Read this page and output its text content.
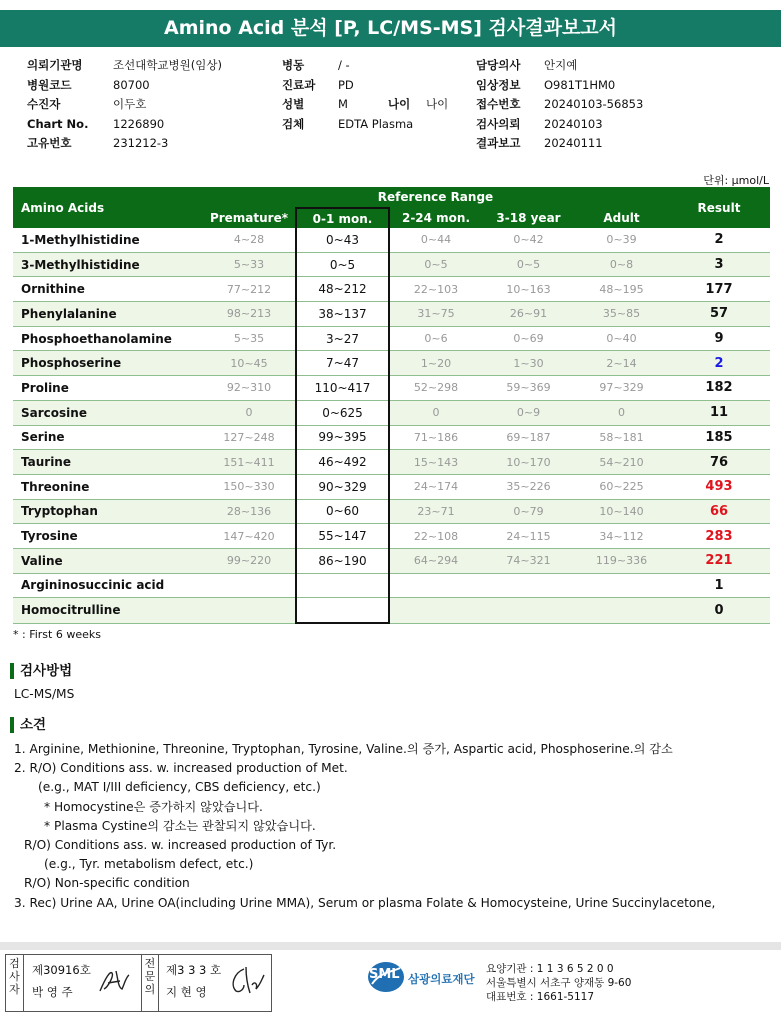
Amino Acid 분석 [P, LC/MS-MS] 검사결과보고서
의뢰기관명	조선대학교병원(임상)
병원코드	80700
수진자	이두호
Chart No.	1226890
고유번호	231212-3
병동	/ -
진료과	PD
성별	M
검체	EDTA Plasma
담당의사	안지예
임상정보	O981T1HM0
접수번호	20240103-56853
검사의뢰	20240103
결과보고	20240111
나이	나이
단위: μmol/L
Amino Acids	Reference Range					Result
	Premature*	0-1 mon.	2-24 mon.	3-18 year	Adult	
1-Methylhistidine	4~28	0~43	0~44	0~42	0~39	2
3-Methylhistidine	5~33	0~5	0~5	0~5	0~8	3
Ornithine	77~212	48~212	22~103	10~163	48~195	177
Phenylalanine	98~213	38~137	31~75	26~91	35~85	57
Phosphoethanolamine	5~35	3~27	0~6	0~69	0~40	9
Phosphoserine	10~45	7~47	1~20	1~30	2~14	2
Proline	92~310	110~417	52~298	59~369	97~329	182
Sarcosine	0	0~625	0	0~9	0	11
Serine	127~248	99~395	71~186	69~187	58~181	185
Taurine	151~411	46~492	15~143	10~170	54~210	76
Threonine	150~330	90~329	24~174	35~226	60~225	493
Tryptophan	28~136	0~60	23~71	0~79	10~140	66
Tyrosine	147~420	55~147	22~108	24~115	34~112	283
Valine	99~220	86~190	64~294	74~321	119~336	221
Argininosuccinic acid						1
Homocitrulline						0
* : First 6 weeks
검사방법
LC-MS/MS
소견
1. Arginine, Methionine, Threonine, Tryptophan, Tyrosine, Valine.의 증가, Aspartic acid, Phosphoserine.의 감소
2. R/O) Conditions ass. w. increased production of Met.
(e.g., MAT I/III deficiency, CBS deficiency, etc.)
* Homocystine은 증가하지 않았습니다.
* Plasma Cystine의 감소는 관찰되지 않았습니다.
R/O) Conditions ass. w. increased production of Tyr.
(e.g., Tyr. metabolism defect, etc.)
R/O) Non-specific condition
3. Rec) Urine AA, Urine OA(including Urine MMA), Serum or plasma Folate & Homocysteine, Urine Succinylacetone,
검사자
제30916호
박 영 주
전문의
제3 3 3 호
지 현 영
SML 삼광의료재단
요양기관 : 1 1 3 6 5 2 0 0
서울특별시 서초구 양재동 9-60
대표번호 : 1661-5117
